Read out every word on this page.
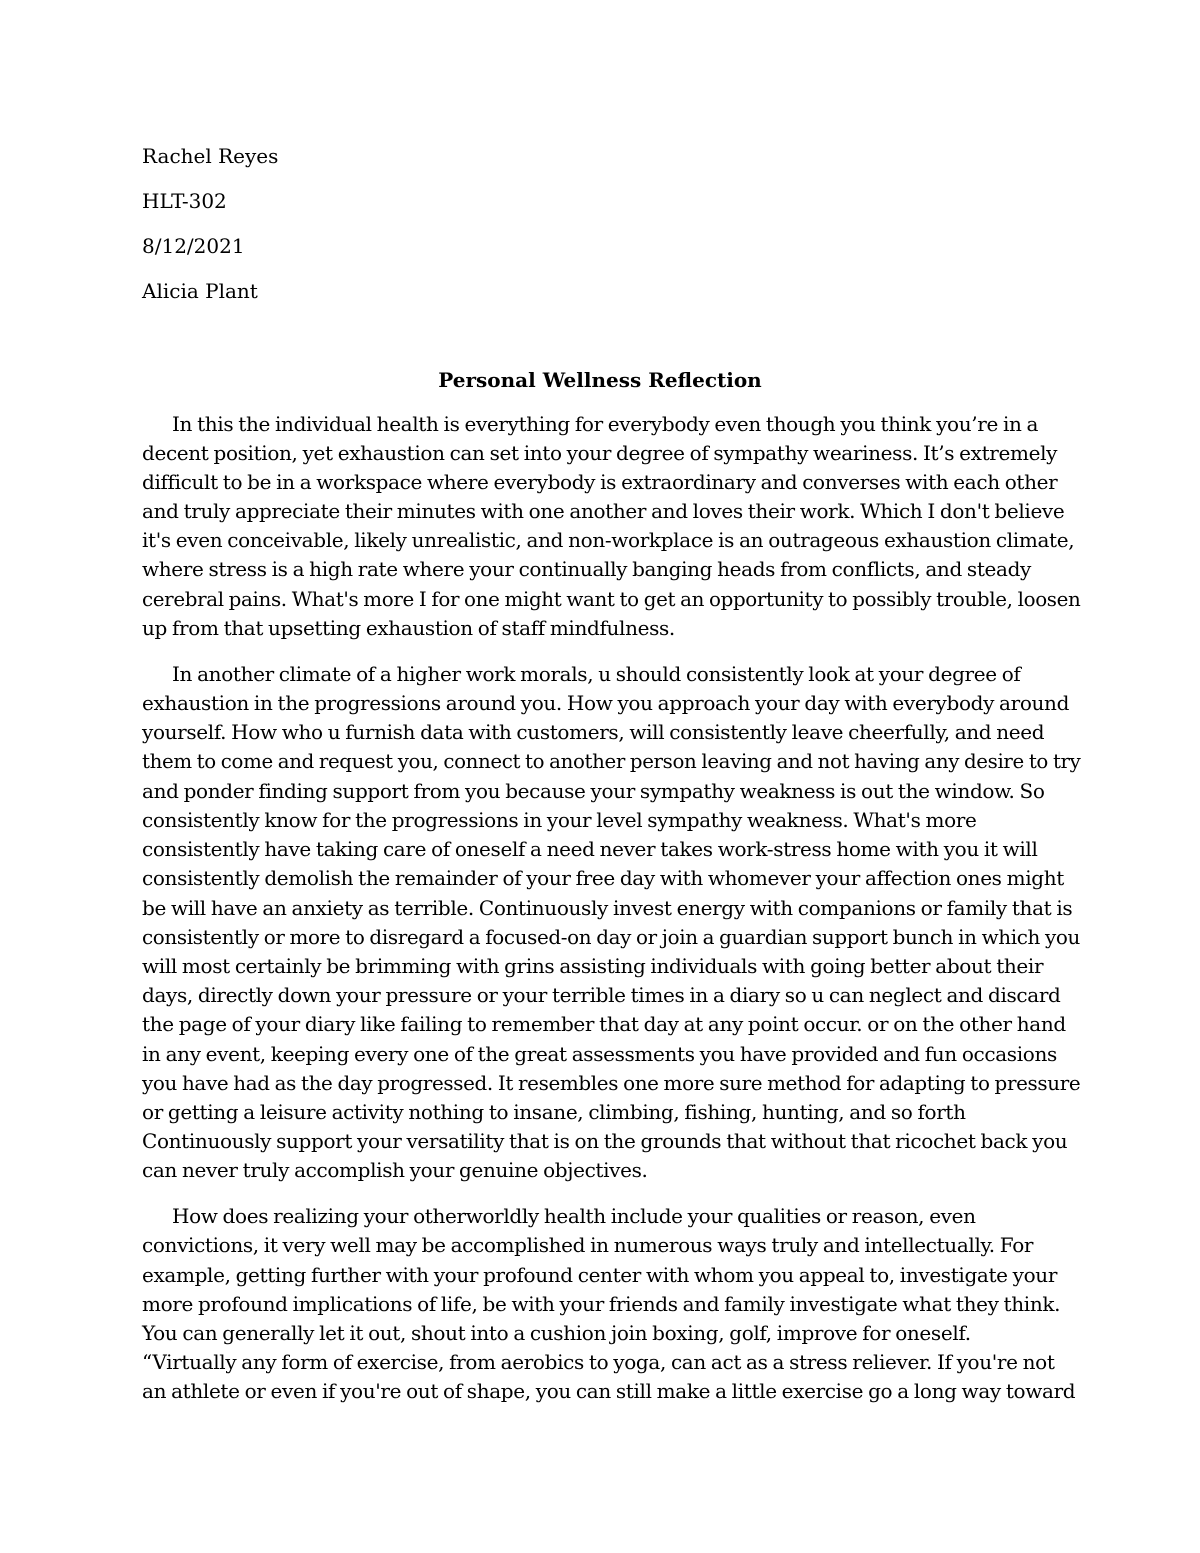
Rachel Reyes
HLT-302
8/12/2021
Alicia Plant
Personal Wellness Reflection
In this the individual health is everything for everybody even though you think you’re in a
decent position, yet exhaustion can set into your degree of sympathy weariness. It’s extremely
difficult to be in a workspace where everybody is extraordinary and converses with each other
and truly appreciate their minutes with one another and loves their work. Which I don't believe
it's even conceivable, likely unrealistic, and non-workplace is an outrageous exhaustion climate,
where stress is a high rate where your continually banging heads from conflicts, and steady
cerebral pains. What's more I for one might want to get an opportunity to possibly trouble, loosen
up from that upsetting exhaustion of staff mindfulness.
In another climate of a higher work morals, u should consistently look at your degree of
exhaustion in the progressions around you. How you approach your day with everybody around
yourself. How who u furnish data with customers, will consistently leave cheerfully, and need
them to come and request you, connect to another person leaving and not having any desire to try
and ponder finding support from you because your sympathy weakness is out the window. So
consistently know for the progressions in your level sympathy weakness. What's more
consistently have taking care of oneself a need never takes work-stress home with you it will
consistently demolish the remainder of your free day with whomever your affection ones might
be will have an anxiety as terrible. Continuously invest energy with companions or family that is
consistently or more to disregard a focused-on day or join a guardian support bunch in which you
will most certainly be brimming with grins assisting individuals with going better about their
days, directly down your pressure or your terrible times in a diary so u can neglect and discard
the page of your diary like failing to remember that day at any point occur. or on the other hand
in any event, keeping every one of the great assessments you have provided and fun occasions
you have had as the day progressed. It resembles one more sure method for adapting to pressure
or getting a leisure activity nothing to insane, climbing, fishing, hunting, and so forth
Continuously support your versatility that is on the grounds that without that ricochet back you
can never truly accomplish your genuine objectives.
How does realizing your otherworldly health include your qualities or reason, even
convictions, it very well may be accomplished in numerous ways truly and intellectually. For
example, getting further with your profound center with whom you appeal to, investigate your
more profound implications of life, be with your friends and family investigate what they think.
You can generally let it out, shout into a cushion join boxing, golf, improve for oneself.
“Virtually any form of exercise, from aerobics to yoga, can act as a stress reliever. If you're not
an athlete or even if you're out of shape, you can still make a little exercise go a long way toward
